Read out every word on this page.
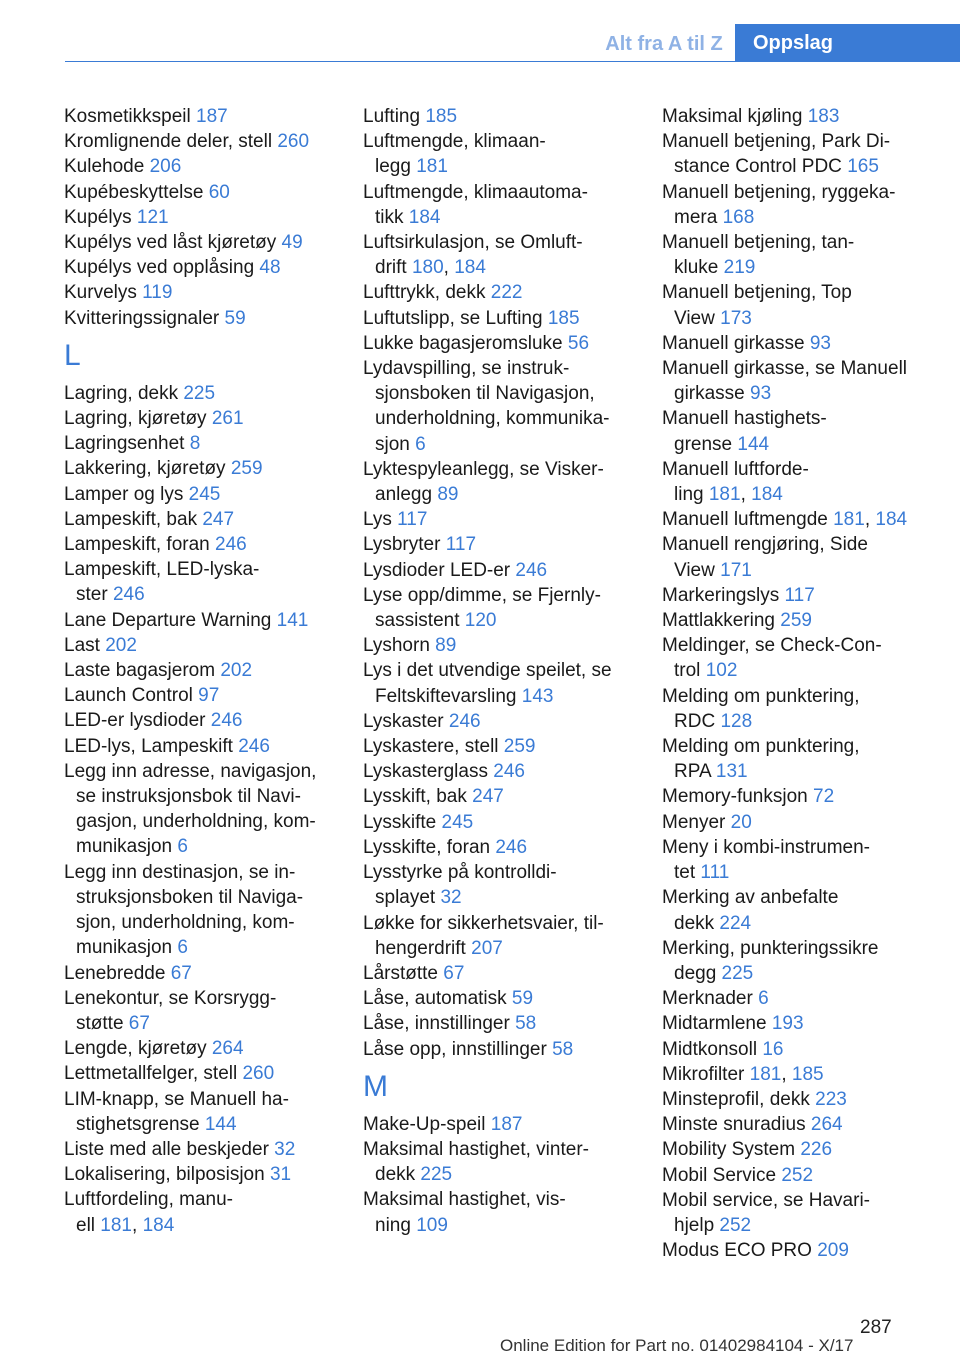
Alt fra A til Z	Oppslag
Kosmetikkspeil 187
Kromlignende deler, stell 260
Kulehode 206
Kupébeskyttelse 60
Kupélys 121
Kupélys ved låst kjøretøy 49
Kupélys ved opplåsing 48
Kurvelys 119
Kvitteringssignaler 59
L
Lagring, dekk 225
Lagring, kjøretøy 261
Lagringsenhet 8
Lakkering, kjøretøy 259
Lamper og lys 245
Lampeskift, bak 247
Lampeskift, foran 246
Lampeskift, LED-lyska-
ster 246
Lane Departure Warning 141
Last 202
Laste bagasjerom 202
Launch Control 97
LED-er lysdioder 246
LED-lys, Lampeskift 246
Legg inn adresse, navigasjon,
se instruksjonsbok til Navi-
gasjon, underholdning, kom-
munikasjon 6
Legg inn destinasjon, se in-
struksjonsboken til Naviga-
sjon, underholdning, kom-
munikasjon 6
Lenebredde 67
Lenekontur, se Korsrygg-
støtte 67
Lengde, kjøretøy 264
Lettmetallfelger, stell 260
LIM-knapp, se Manuell ha-
stighetsgrense 144
Liste med alle beskjeder 32
Lokalisering, bilposisjon 31
Luftfordeling, manu-
ell 181, 184
Lufting 185
Luftmengde, klimaan-
legg 181
Luftmengde, klimaautoma-
tikk 184
Luftsirkulasjon, se Omluft-
drift 180, 184
Lufttrykk, dekk 222
Luftutslipp, se Lufting 185
Lukke bagasjeromsluke 56
Lydavspilling, se instruk-
sjonsboken til Navigasjon,
underholdning, kommunika-
sjon 6
Lyktespyleanlegg, se Visker-
anlegg 89
Lys 117
Lysbryter 117
Lysdioder LED-er 246
Lyse opp/dimme, se Fjernly-
sassistent 120
Lyshorn 89
Lys i det utvendige speilet, se
Feltskiftevarsling 143
Lyskaster 246
Lyskastere, stell 259
Lyskasterglass 246
Lysskift, bak 247
Lysskifte 245
Lysskifte, foran 246
Lysstyrke på kontrolldi-
splayet 32
Løkke for sikkerhetsvaier, til-
hengerdrift 207
Lårstøtte 67
Låse, automatisk 59
Låse, innstillinger 58
Låse opp, innstillinger 58
M
Make-Up-speil 187
Maksimal hastighet, vinter-
dekk 225
Maksimal hastighet, vis-
ning 109
Maksimal kjøling 183
Manuell betjening, Park Di-
stance Control PDC 165
Manuell betjening, ryggeka-
mera 168
Manuell betjening, tan-
kluke 219
Manuell betjening, Top
View 173
Manuell girkasse 93
Manuell girkasse, se Manuell
girkasse 93
Manuell hastighets-
grense 144
Manuell luftforde-
ling 181, 184
Manuell luftmengde 181, 184
Manuell rengjøring, Side
View 171
Markeringslys 117
Mattlakkering 259
Meldinger, se Check-Con-
trol 102
Melding om punktering,
RDC 128
Melding om punktering,
RPA 131
Memory-funksjon 72
Menyer 20
Meny i kombi-instrumen-
tet 111
Merking av anbefalte
dekk 224
Merking, punkteringssikre
degg 225
Merknader 6
Midtarmlene 193
Midtkonsoll 16
Mikrofilter 181, 185
Minsteprofil, dekk 223
Minste snuradius 264
Mobility System 226
Mobil Service 252
Mobil service, se Havari-
hjelp 252
Modus ECO PRO 209
287
Online Edition for Part no. 01402984104 - X/17
